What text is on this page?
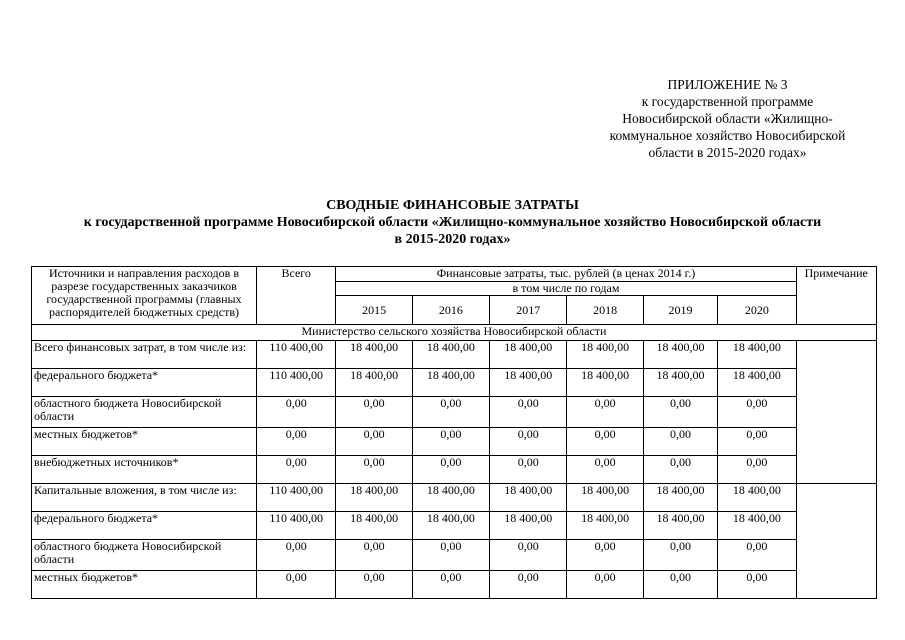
ПРИЛОЖЕНИЕ № 3
к государственной программе
Новосибирской области «Жилищно-
коммунальное хозяйство Новосибирской
области в 2015-2020 годах»
СВОДНЫЕ ФИНАНСОВЫЕ ЗАТРАТЫ
к государственной программе Новосибирской области «Жилищно-коммунальное хозяйство Новосибирской области
в 2015-2020 годах»
Источники и направления расходов в разрезе государственных заказчиков государственной программы (главных распорядителей бюджетных средств)	Всего	Финансовые затраты, тыс. рублей (в ценах 2014 г.)						Примечание
		в том числе по годам						
		2015	2016	2017	2018	2019	2020	
Министерство сельского хозяйства Новосибирской области								
Всего финансовых затрат, в том числе из:	110 400,00	18 400,00	18 400,00	18 400,00	18 400,00	18 400,00	18 400,00	
федерального бюджета*	110 400,00	18 400,00	18 400,00	18 400,00	18 400,00	18 400,00	18 400,00	
областного бюджета Новосибирской области	0,00	0,00	0,00	0,00	0,00	0,00	0,00	
местных бюджетов*	0,00	0,00	0,00	0,00	0,00	0,00	0,00	
внебюджетных источников*	0,00	0,00	0,00	0,00	0,00	0,00	0,00	
Капитальные вложения, в том числе из:	110 400,00	18 400,00	18 400,00	18 400,00	18 400,00	18 400,00	18 400,00	
федерального бюджета*	110 400,00	18 400,00	18 400,00	18 400,00	18 400,00	18 400,00	18 400,00	
областного бюджета Новосибирской области	0,00	0,00	0,00	0,00	0,00	0,00	0,00	
местных бюджетов*	0,00	0,00	0,00	0,00	0,00	0,00	0,00	
